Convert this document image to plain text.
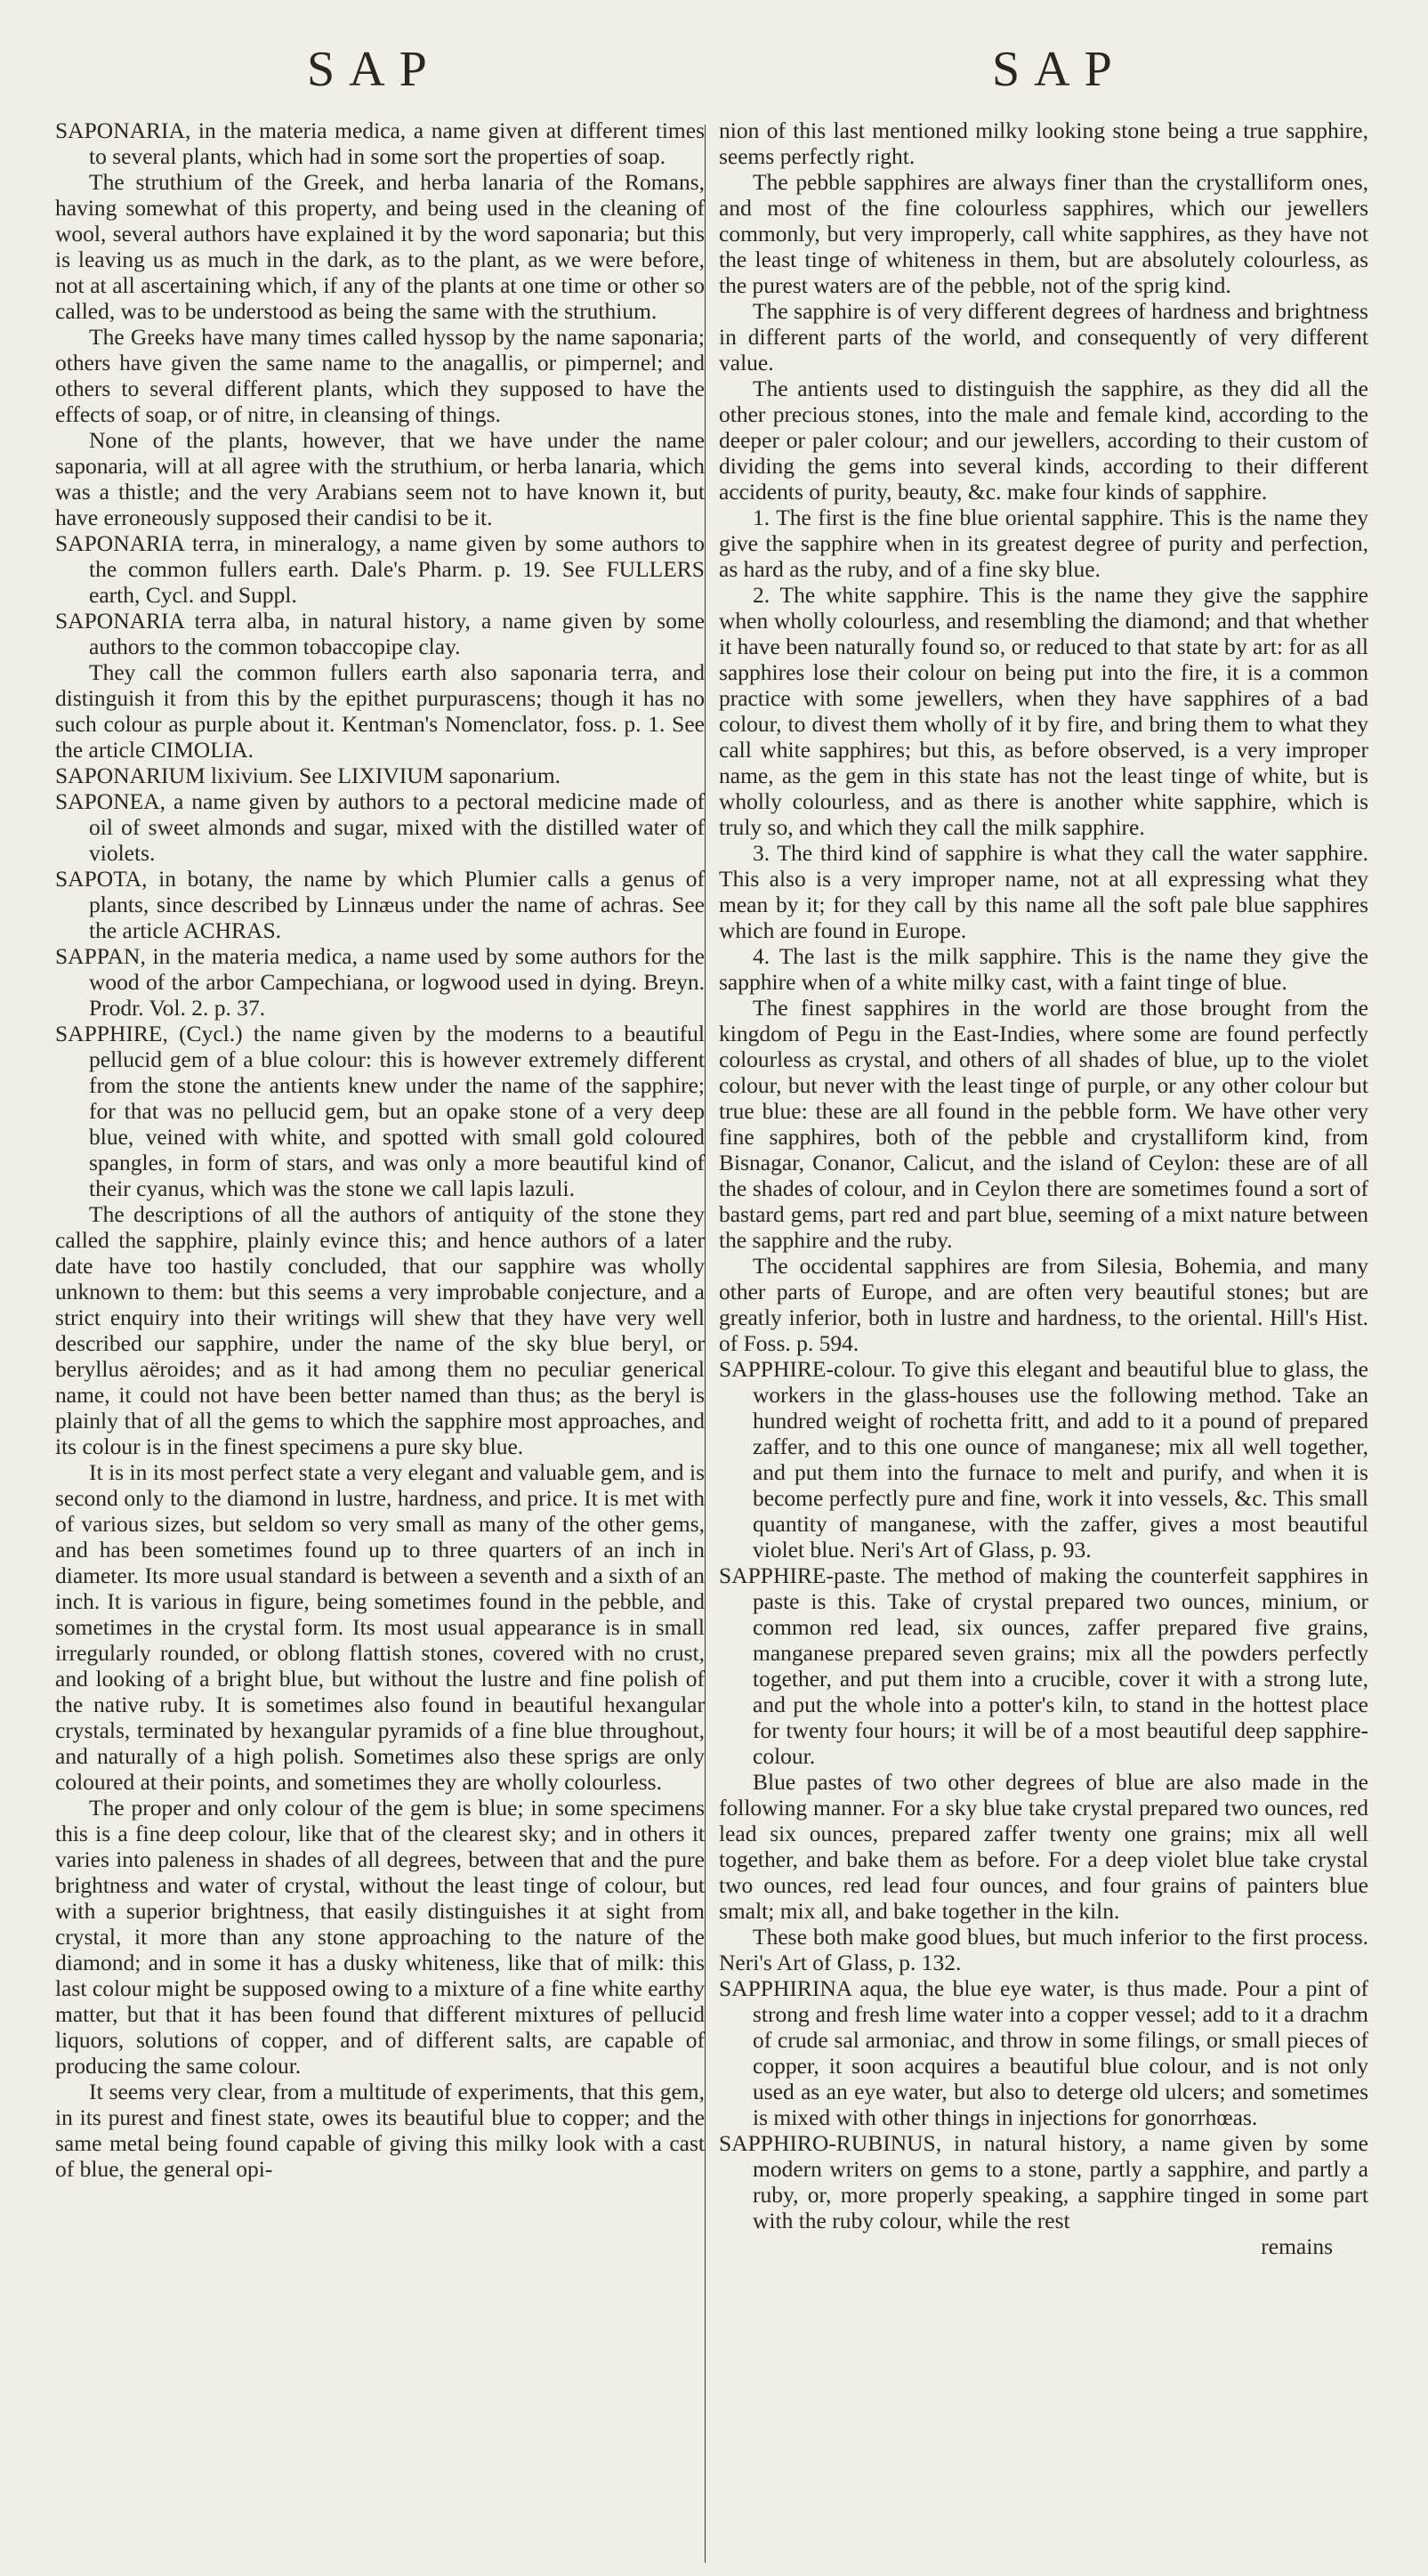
SAP	SAP

SAPONARIA, in the materia medica, a name given at different times to several plants, which had in some sort the properties of soap.

The struthium of the Greek, and herba lanaria of the Romans, having somewhat of this property, and being used in the cleaning of wool, several authors have explained it by the word saponaria; but this is leaving us as much in the dark, as to the plant, as we were before, not at all ascertaining which, if any of the plants at one time or other so called, was to be understood as being the same with the struthium.

The Greeks have many times called hyssop by the name saponaria; others have given the same name to the anagallis, or pimpernel; and others to several different plants, which they supposed to have the effects of soap, or of nitre, in cleansing of things.

None of the plants, however, that we have under the name saponaria, will at all agree with the struthium, or herba lanaria, which was a thistle; and the very Arabians seem not to have known it, but have erroneously supposed their candisi to be it.

SAPONARIA terra, in mineralogy, a name given by some authors to the common fullers earth. Dale's Pharm. p. 19. See FULLERS earth, Cycl. and Suppl.

SAPONARIA terra alba, in natural history, a name given by some authors to the common tobaccopipe clay.

They call the common fullers earth also saponaria terra, and distinguish it from this by the epithet purpurascens; though it has no such colour as purple about it. Kentman's Nomenclator, foss. p. 1. See the article CIMOLIA.

SAPONARIUM lixivium. See LIXIVIUM saponarium.

SAPONEA, a name given by authors to a pectoral medicine made of oil of sweet almonds and sugar, mixed with the distilled water of violets.

SAPOTA, in botany, the name by which Plumier calls a genus of plants, since described by Linnæus under the name of achras. See the article ACHRAS.

SAPPAN, in the materia medica, a name used by some authors for the wood of the arbor Campechiana, or logwood used in dying. Breyn. Prodr. Vol. 2. p. 37.

SAPPHIRE, (Cycl.) the name given by the moderns to a beautiful pellucid gem of a blue colour: this is however extremely different from the stone the antients knew under the name of the sapphire; for that was no pellucid gem, but an opake stone of a very deep blue, veined with white, and spotted with small gold coloured spangles, in form of stars, and was only a more beautiful kind of their cyanus, which was the stone we call lapis lazuli.

The descriptions of all the authors of antiquity of the stone they called the sapphire, plainly evince this; and hence authors of a later date have too hastily concluded, that our sapphire was wholly unknown to them: but this seems a very improbable conjecture, and a strict enquiry into their writings will shew that they have very well described our sapphire, under the name of the sky blue beryl, or beryllus aëroides; and as it had among them no peculiar generical name, it could not have been better named than thus; as the beryl is plainly that of all the gems to which the sapphire most approaches, and its colour is in the finest specimens a pure sky blue.

It is in its most perfect state a very elegant and valuable gem, and is second only to the diamond in lustre, hardness, and price. It is met with of various sizes, but seldom so very small as many of the other gems, and has been sometimes found up to three quarters of an inch in diameter. Its more usual standard is between a seventh and a sixth of an inch. It is various in figure, being sometimes found in the pebble, and sometimes in the crystal form. Its most usual appearance is in small irregularly rounded, or oblong flattish stones, covered with no crust, and looking of a bright blue, but without the lustre and fine polish of the native ruby. It is sometimes also found in beautiful hexangular crystals, terminated by hexangular pyramids of a fine blue throughout, and naturally of a high polish. Sometimes also these sprigs are only coloured at their points, and sometimes they are wholly colourless.

The proper and only colour of the gem is blue; in some specimens this is a fine deep colour, like that of the clearest sky; and in others it varies into paleness in shades of all degrees, between that and the pure brightness and water of crystal, without the least tinge of colour, but with a superior brightness, that easily distinguishes it at sight from crystal, it more than any stone approaching to the nature of the diamond; and in some it has a dusky whiteness, like that of milk: this last colour might be supposed owing to a mixture of a fine white earthy matter, but that it has been found that different mixtures of pellucid liquors, solutions of copper, and of different salts, are capable of producing the same colour.

It seems very clear, from a multitude of experiments, that this gem, in its purest and finest state, owes its beautiful blue to copper; and the same metal being found capable of giving this milky look with a cast of blue, the general opi-

nion of this last mentioned milky looking stone being a true sapphire, seems perfectly right.

The pebble sapphires are always finer than the crystalliform ones, and most of the fine colourless sapphires, which our jewellers commonly, but very improperly, call white sapphires, as they have not the least tinge of whiteness in them, but are absolutely colourless, as the purest waters are of the pebble, not of the sprig kind.

The sapphire is of very different degrees of hardness and brightness in different parts of the world, and consequently of very different value.

The antients used to distinguish the sapphire, as they did all the other precious stones, into the male and female kind, according to the deeper or paler colour; and our jewellers, according to their custom of dividing the gems into several kinds, according to their different accidents of purity, beauty, &c. make four kinds of sapphire.

1. The first is the fine blue oriental sapphire. This is the name they give the sapphire when in its greatest degree of purity and perfection, as hard as the ruby, and of a fine sky blue.

2. The white sapphire. This is the name they give the sapphire when wholly colourless, and resembling the diamond; and that whether it have been naturally found so, or reduced to that state by art: for as all sapphires lose their colour on being put into the fire, it is a common practice with some jewellers, when they have sapphires of a bad colour, to divest them wholly of it by fire, and bring them to what they call white sapphires; but this, as before observed, is a very improper name, as the gem in this state has not the least tinge of white, but is wholly colourless, and as there is another white sapphire, which is truly so, and which they call the milk sapphire.

3. The third kind of sapphire is what they call the water sapphire. This also is a very improper name, not at all expressing what they mean by it; for they call by this name all the soft pale blue sapphires which are found in Europe.

4. The last is the milk sapphire. This is the name they give the sapphire when of a white milky cast, with a faint tinge of blue.

The finest sapphires in the world are those brought from the kingdom of Pegu in the East-Indies, where some are found perfectly colourless as crystal, and others of all shades of blue, up to the violet colour, but never with the least tinge of purple, or any other colour but true blue: these are all found in the pebble form. We have other very fine sapphires, both of the pebble and crystalliform kind, from Bisnagar, Conanor, Calicut, and the island of Ceylon: these are of all the shades of colour, and in Ceylon there are sometimes found a sort of bastard gems, part red and part blue, seeming of a mixt nature between the sapphire and the ruby.

The occidental sapphires are from Silesia, Bohemia, and many other parts of Europe, and are often very beautiful stones; but are greatly inferior, both in lustre and hardness, to the oriental. Hill's Hist. of Foss. p. 594.

SAPPHIRE-colour. To give this elegant and beautiful blue to glass, the workers in the glass-houses use the following method. Take an hundred weight of rochetta fritt, and add to it a pound of prepared zaffer, and to this one ounce of manganese; mix all well together, and put them into the furnace to melt and purify, and when it is become perfectly pure and fine, work it into vessels, &c. This small quantity of manganese, with the zaffer, gives a most beautiful violet blue. Neri's Art of Glass, p. 93.

SAPPHIRE-paste. The method of making the counterfeit sapphires in paste is this. Take of crystal prepared two ounces, minium, or common red lead, six ounces, zaffer prepared five grains, manganese prepared seven grains; mix all the powders perfectly together, and put them into a crucible, cover it with a strong lute, and put the whole into a potter's kiln, to stand in the hottest place for twenty four hours; it will be of a most beautiful deep sapphire-colour.

Blue pastes of two other degrees of blue are also made in the following manner. For a sky blue take crystal prepared two ounces, red lead six ounces, prepared zaffer twenty one grains; mix all well together, and bake them as before. For a deep violet blue take crystal two ounces, red lead four ounces, and four grains of painters blue smalt; mix all, and bake together in the kiln.

These both make good blues, but much inferior to the first process. Neri's Art of Glass, p. 132.

SAPPHIRINA aqua, the blue eye water, is thus made. Pour a pint of strong and fresh lime water into a copper vessel; add to it a drachm of crude sal armoniac, and throw in some filings, or small pieces of copper, it soon acquires a beautiful blue colour, and is not only used as an eye water, but also to deterge old ulcers; and sometimes is mixed with other things in injections for gonorrhœas.

SAPPHIRO-RUBINUS, in natural history, a name given by some modern writers on gems to a stone, partly a sapphire, and partly a ruby, or, more properly speaking, a sapphire tinged in some part with the ruby colour, while the rest

remains
